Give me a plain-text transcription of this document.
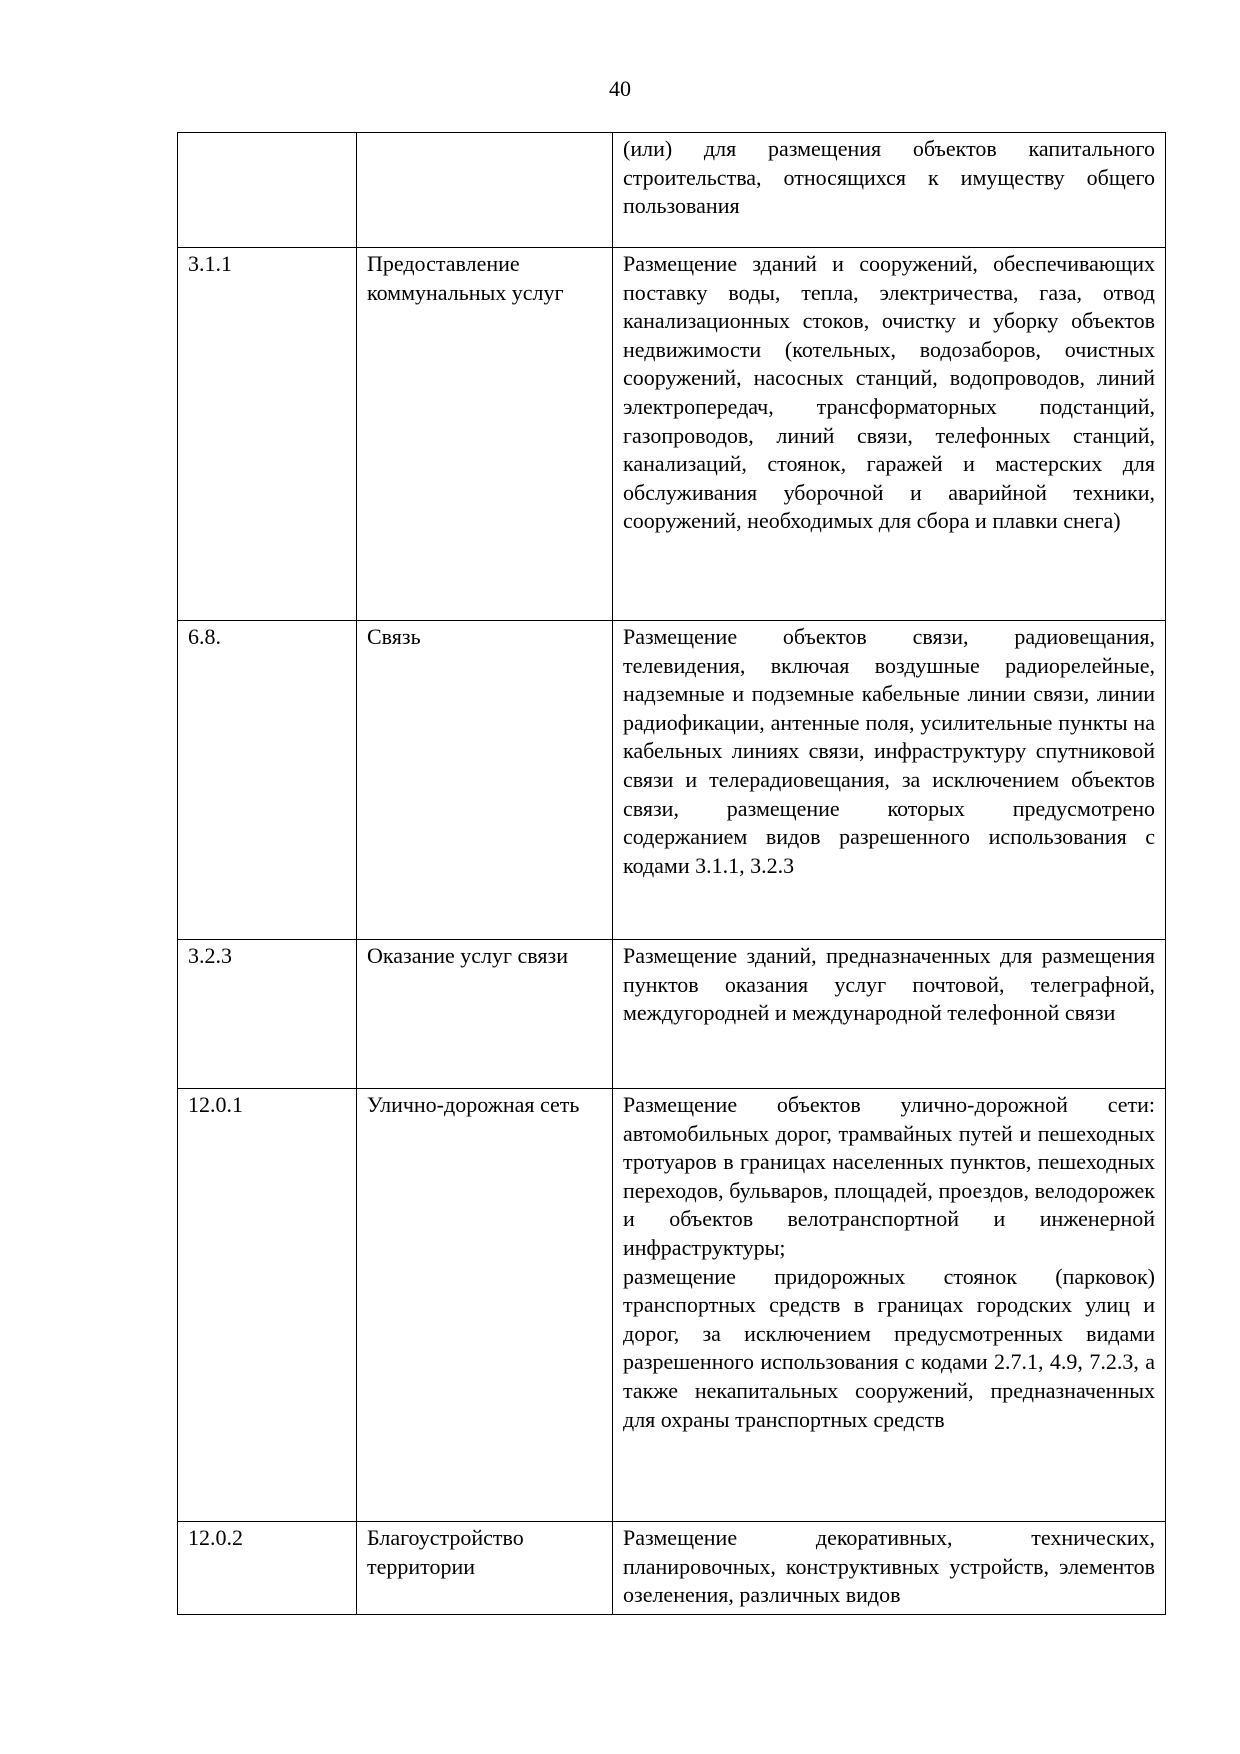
40

		(или) для размещения объектов капитального строительства, относящихся к имуществу общего пользования

3.1.1	Предоставление коммунальных услуг	Размещение зданий и сооружений, обеспечивающих поставку воды, тепла, электричества, газа, отвод канализационных стоков, очистку и уборку объектов недвижимости (котельных, водозаборов, очистных сооружений, насосных станций, водопроводов, линий электропередач, трансформаторных подстанций, газопроводов, линий связи, телефонных станций, канализаций, стоянок, гаражей и мастерских для обслуживания уборочной и аварийной техники, сооружений, необходимых для сбора и плавки снега)

6.8.	Связь	Размещение объектов связи, радиовещания, телевидения, включая воздушные радиорелейные, надземные и подземные кабельные линии связи, линии радиофикации, антенные поля, усилительные пункты на кабельных линиях связи, инфраструктуру спутниковой связи и телерадиовещания, за исключением объектов связи, размещение которых предусмотрено содержанием видов разрешенного использования с кодами 3.1.1, 3.2.3

3.2.3	Оказание услуг связи	Размещение зданий, предназначенных для размещения пунктов оказания услуг почтовой, телеграфной, междугородней и международной телефонной связи

12.0.1	Улично-дорожная сеть	Размещение объектов улично-дорожной сети: автомобильных дорог, трамвайных путей и пешеходных тротуаров в границах населенных пунктов, пешеходных переходов, бульваров, площадей, проездов, велодорожек и объектов велотранспортной и инженерной инфраструктуры;
размещение придорожных стоянок (парковок) транспортных средств в границах городских улиц и дорог, за исключением предусмотренных видами разрешенного использования с кодами 2.7.1, 4.9, 7.2.3, а также некапитальных сооружений, предназначенных для охраны транспортных средств

12.0.2	Благоустройство территории	Размещение декоративных, технических, планировочных, конструктивных устройств, элементов озеленения, различных видов
